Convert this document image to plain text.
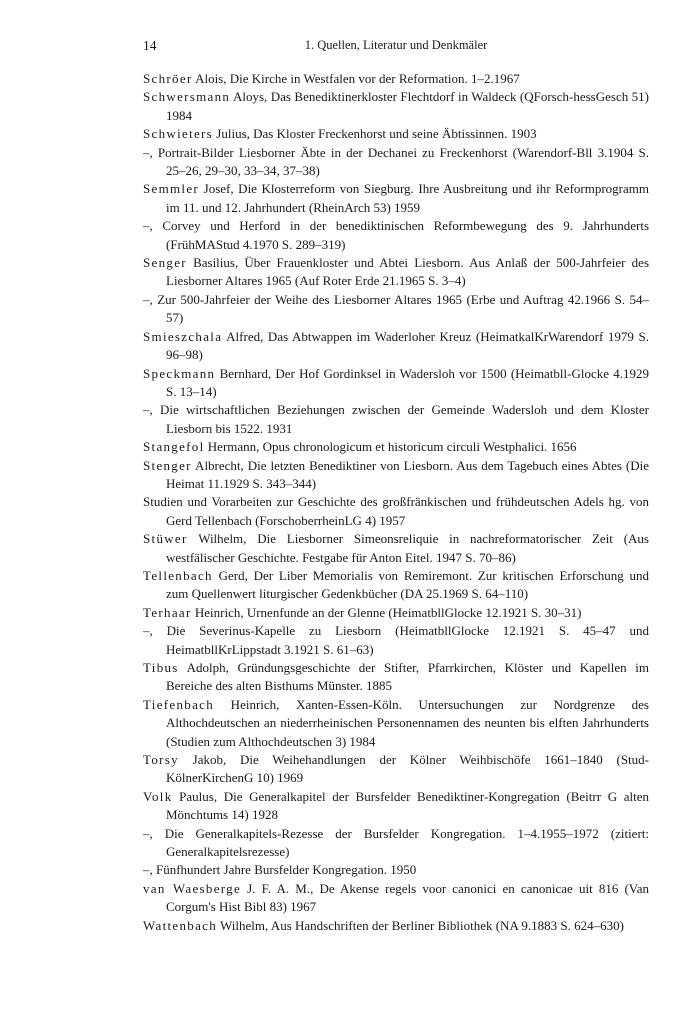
14	1. Quellen, Literatur und Denkmäler
Schröer Alois, Die Kirche in Westfalen vor der Reformation. 1–2.1967
Schwersmann Aloys, Das Benediktinerkloster Flechtdorf in Waldeck (QForsch-hessGesch 51) 1984
Schwieters Julius, Das Kloster Freckenhorst und seine Äbtissinnen. 1903
–, Portrait-Bilder Liesborner Äbte in der Dechanei zu Freckenhorst (Warendorf-Bll 3.1904 S. 25–26, 29–30, 33–34, 37–38)
Semmler Josef, Die Klosterreform von Siegburg. Ihre Ausbreitung und ihr Reformprogramm im 11. und 12. Jahrhundert (RheinArch 53) 1959
–, Corvey und Herford in der benediktinischen Reformbewegung des 9. Jahrhunderts (FrühMAStud 4.1970 S. 289–319)
Senger Basilius, Über Frauenkloster und Abtei Liesborn. Aus Anlaß der 500-Jahrfeier des Liesborner Altares 1965 (Auf Roter Erde 21.1965 S. 3–4)
–, Zur 500-Jahrfeier der Weihe des Liesborner Altares 1965 (Erbe und Auftrag 42.1966 S. 54–57)
Smieszchala Alfred, Das Abtwappen im Waderloher Kreuz (HeimatkalKrWarendorf 1979 S. 96–98)
Speckmann Bernhard, Der Hof Gordinksel in Wadersloh vor 1500 (Heimatbll-Glocke 4.1929 S. 13–14)
–, Die wirtschaftlichen Beziehungen zwischen der Gemeinde Wadersloh und dem Kloster Liesborn bis 1522. 1931
Stangefol Hermann, Opus chronologicum et historicum circuli Westphalici. 1656
Stenger Albrecht, Die letzten Benediktiner von Liesborn. Aus dem Tagebuch eines Abtes (Die Heimat 11.1929 S. 343–344)
Studien und Vorarbeiten zur Geschichte des großfränkischen und frühdeutschen Adels hg. von Gerd Tellenbach (ForschoberrheinLG 4) 1957
Stüwer Wilhelm, Die Liesborner Simeonsreliquie in nachreformatorischer Zeit (Aus westfälischer Geschichte. Festgabe für Anton Eitel. 1947 S. 70–86)
Tellenbach Gerd, Der Liber Memorialis von Remiremont. Zur kritischen Erforschung und zum Quellenwert liturgischer Gedenkbücher (DA 25.1969 S. 64–110)
Terhaar Heinrich, Urnenfunde an der Glenne (HeimatbllGlocke 12.1921 S. 30–31)
–, Die Severinus-Kapelle zu Liesborn (HeimatbllGlocke 12.1921 S. 45–47 und HeimatbllKrLippstadt 3.1921 S. 61–63)
Tibus Adolph, Gründungsgeschichte der Stifter, Pfarrkirchen, Klöster und Kapellen im Bereiche des alten Bisthums Münster. 1885
Tiefenbach Heinrich, Xanten-Essen-Köln. Untersuchungen zur Nordgrenze des Althochdeutschen an niederrheinischen Personennamen des neunten bis elften Jahrhunderts (Studien zum Althochdeutschen 3) 1984
Torsy Jakob, Die Weihehandlungen der Kölner Weihbischöfe 1661–1840 (Stud-KölnerKirchenG 10) 1969
Volk Paulus, Die Generalkapitel der Bursfelder Benediktiner-Kongregation (Beitrr G alten Mönchtums 14) 1928
–, Die Generalkapitels-Rezesse der Bursfelder Kongregation. 1–4.1955–1972 (zitiert: Generalkapitelsrezesse)
–, Fünfhundert Jahre Bursfelder Kongregation. 1950
van Waesberge J. F. A. M., De Akense regels voor canonici en canonicae uit 816 (Van Corgum's Hist Bibl 83) 1967
Wattenbach Wilhelm, Aus Handschriften der Berliner Bibliothek (NA 9.1883 S. 624–630)
